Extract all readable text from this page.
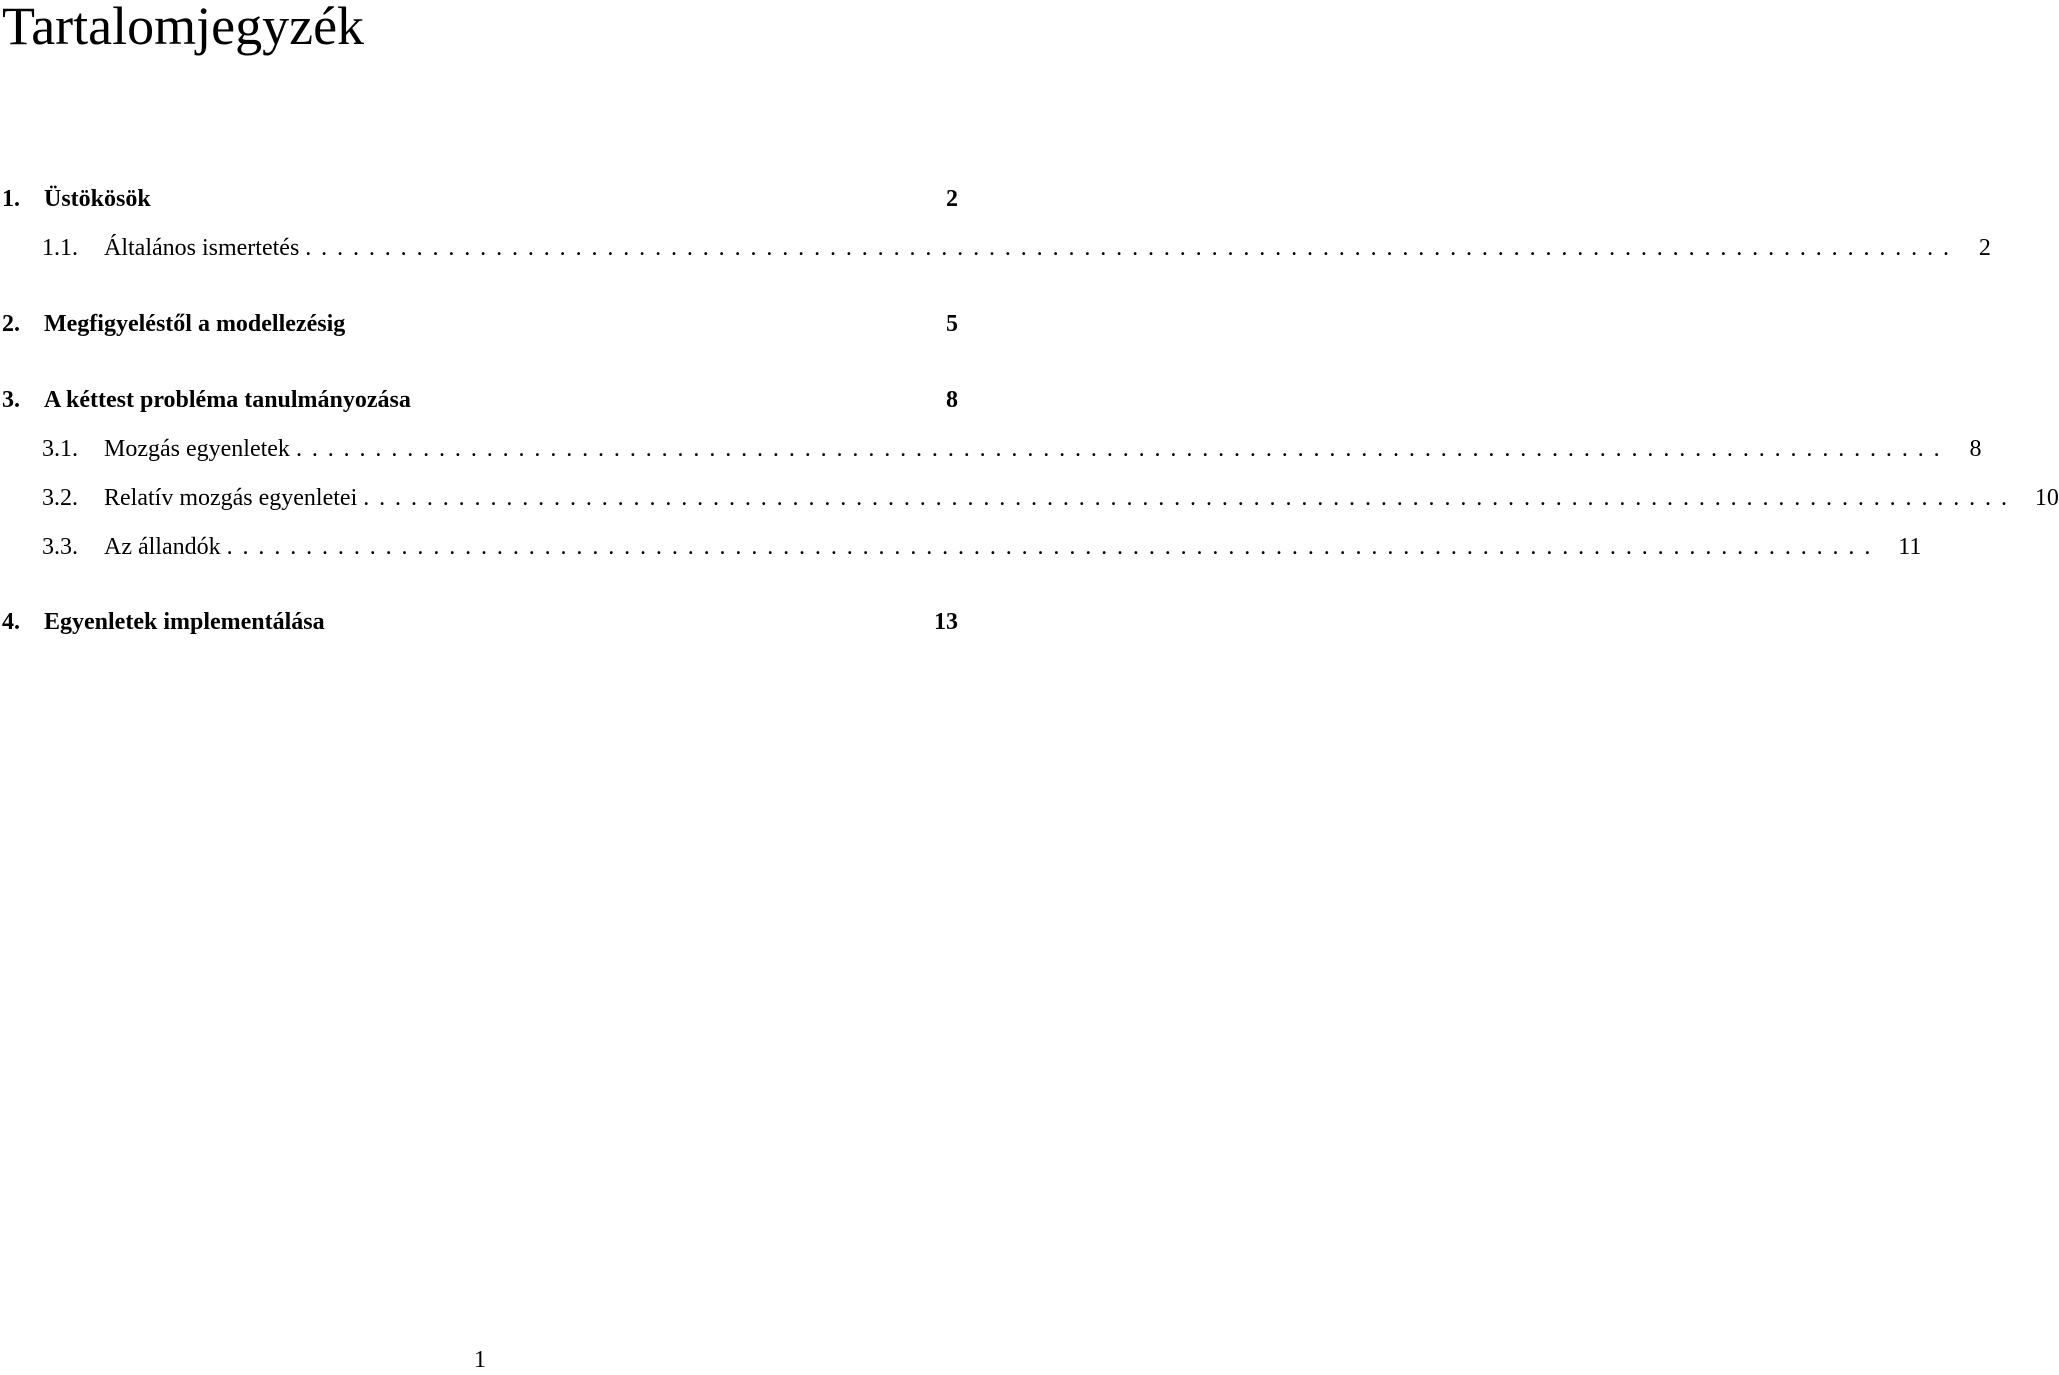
Tartalomjegyzék
1.	Üstökösök	2
1.1.	Általános ismertetés ........................................................................................................ 2
2.	Megfigyeléstől a modellezésig	5
3.	A kéttest probléma tanulmányozása	8
3.1.	Mozgás egyenletek ........................................................................................................ 8
3.2.	Relatív mozgás egyenletei ........................................................................................................ 10
3.3.	Az állandók ........................................................................................................ 11
4.	Egyenletek implementálása	13
1
